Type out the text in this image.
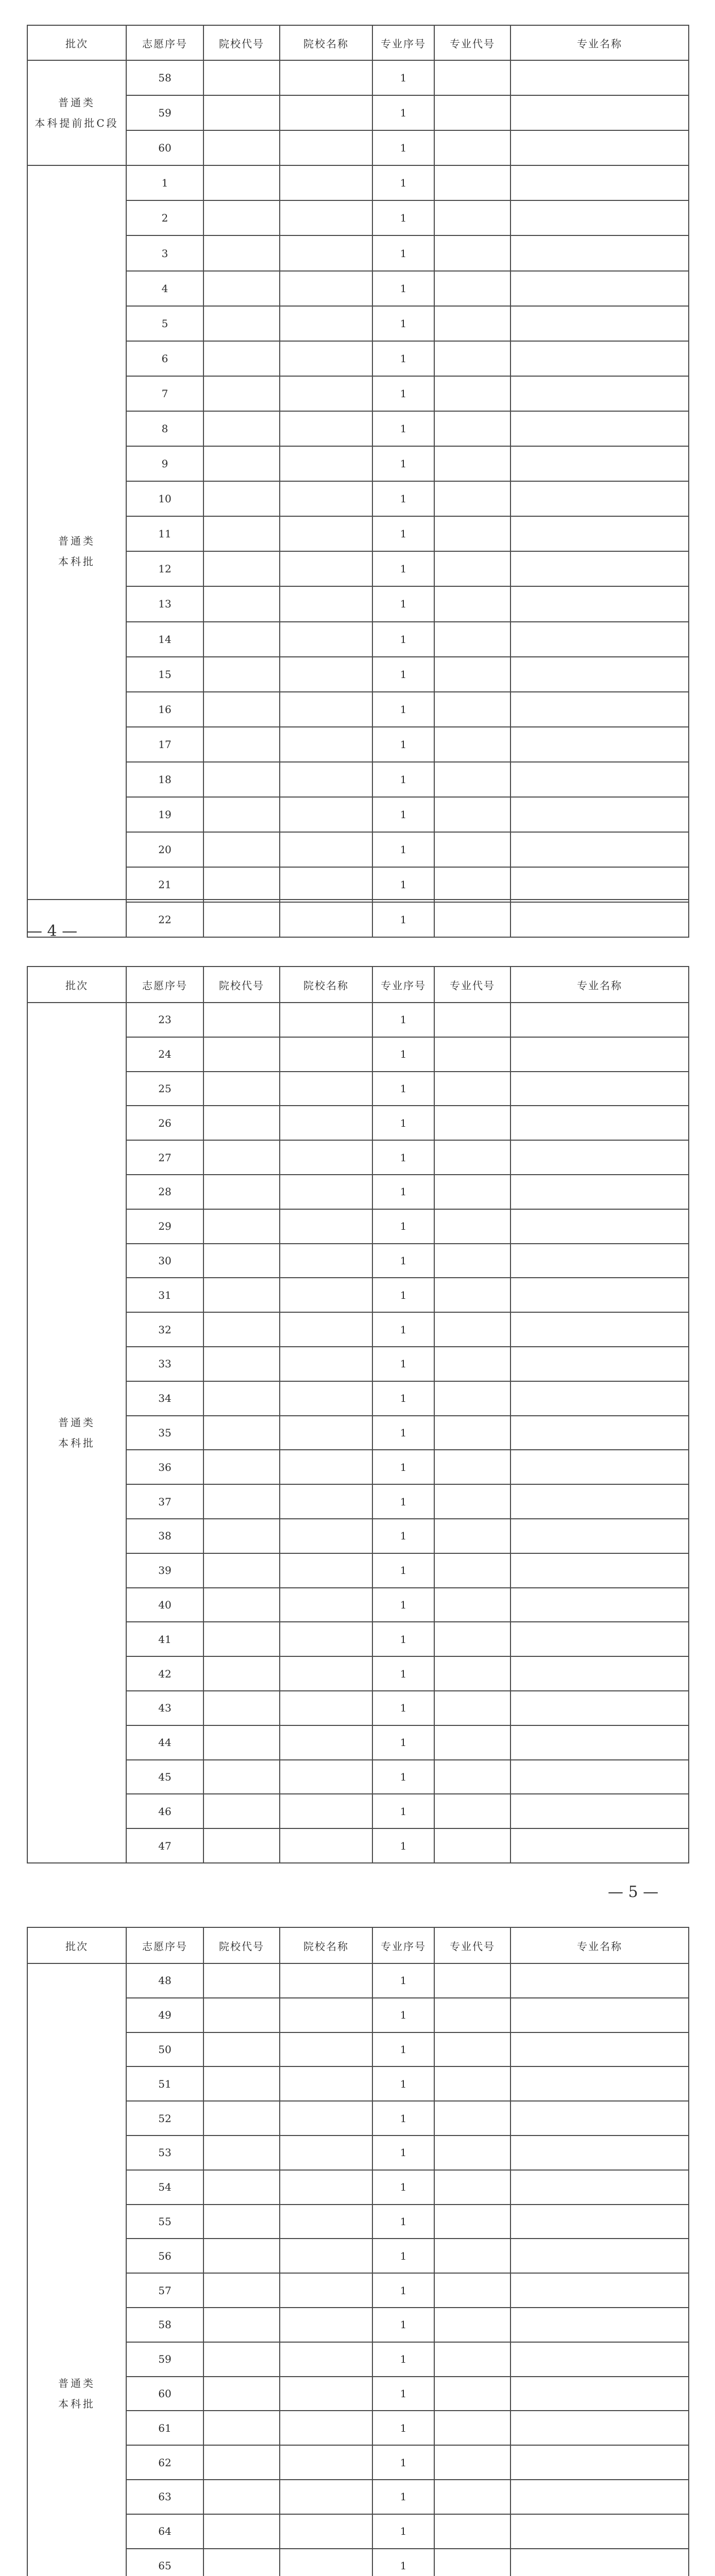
批次	志愿序号	院校代号	院校名称	专业序号	专业代号	专业名称

普通类
本科提前批C段	58			1		
	59			1		
	60			1		

普通类
本科批	1			1		
	2			1		
	3			1		
	4			1		
	5			1		
	6			1		
	7			1		
	8			1		
	9			1		
	10			1		
	11			1		
	12			1		
	13			1		
	14			1		
	15			1		
	16			1		
	17			1		
	18			1		
	19			1		
	20			1		
	21			1		
	22			1		
— 4 —
批次	志愿序号	院校代号	院校名称	专业序号	专业代号	专业名称

普通类
本科批	23			1		
	24			1		
	25			1		
	26			1		
	27			1		
	28			1		
	29			1		
	30			1		
	31			1		
	32			1		
	33			1		
	34			1		
	35			1		
	36			1		
	37			1		
	38			1		
	39			1		
	40			1		
	41			1		
	42			1		
	43			1		
	44			1		
	45			1		
	46			1		
	47			1		
— 5 —
批次	志愿序号	院校代号	院校名称	专业序号	专业代号	专业名称

普通类
本科批	48			1		
	49			1		
	50			1		
	51			1		
	52			1		
	53			1		
	54			1		
	55			1		
	56			1		
	57			1		
	58			1		
	59			1		
	60			1		
	61			1		
	62			1		
	63			1		
	64			1		
	65			1		
